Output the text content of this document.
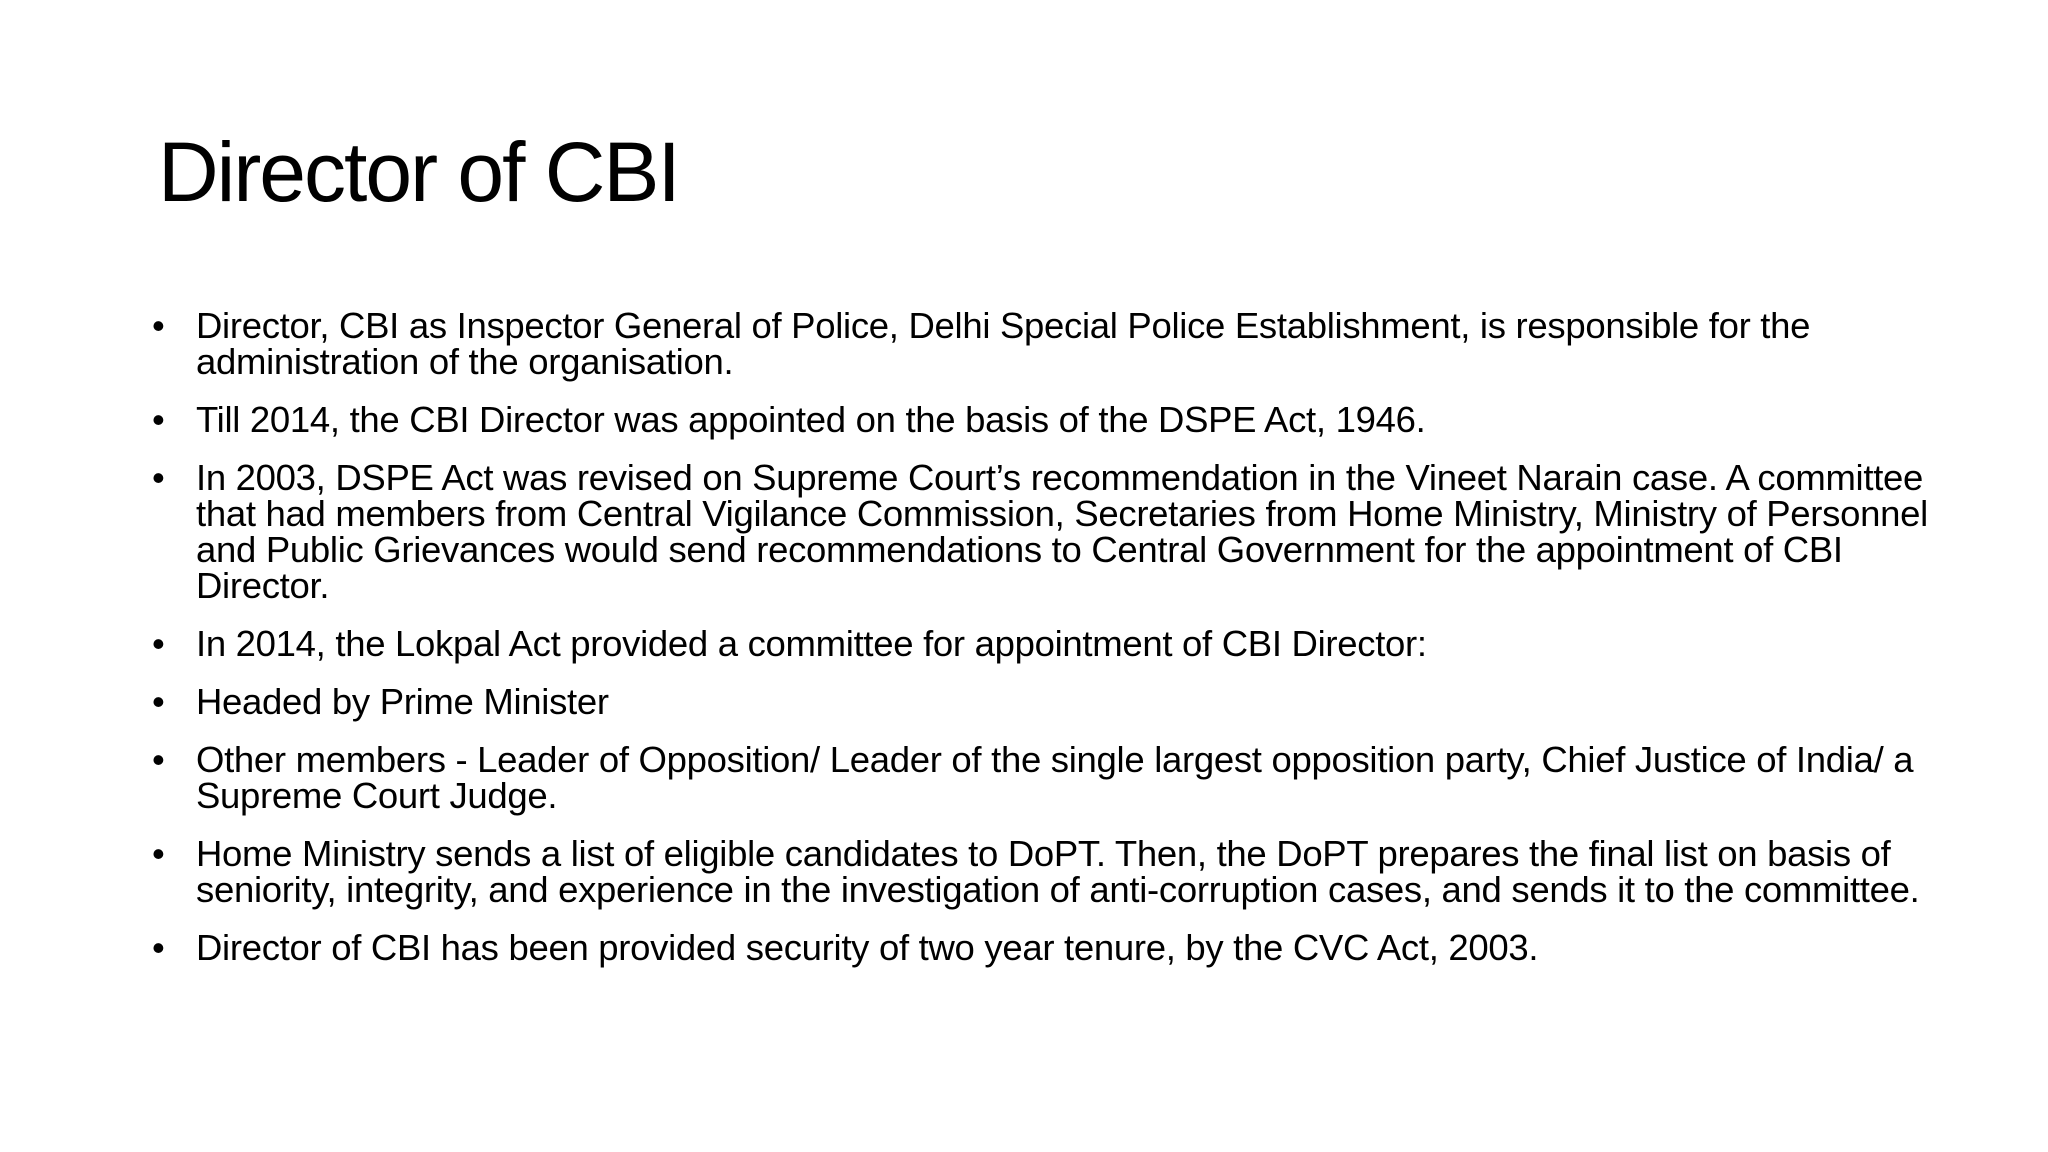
Director of CBI
• Director, CBI as Inspector General of Police, Delhi Special Police Establishment, is responsible for the administration of the organisation.
• Till 2014, the CBI Director was appointed on the basis of the DSPE Act, 1946.
• In 2003, DSPE Act was revised on Supreme Court’s recommendation in the Vineet Narain case. A committee that had members from Central Vigilance Commission, Secretaries from Home Ministry, Ministry of Personnel and Public Grievances would send recommendations to Central Government for the appointment of CBI Director.
• In 2014, the Lokpal Act provided a committee for appointment of CBI Director:
• Headed by Prime Minister
• Other members - Leader of Opposition/ Leader of the single largest opposition party, Chief Justice of India/ a Supreme Court Judge.
• Home Ministry sends a list of eligible candidates to DoPT. Then, the DoPT prepares the final list on basis of seniority, integrity, and experience in the investigation of anti-corruption cases, and sends it to the committee.
• Director of CBI has been provided security of two year tenure, by the CVC Act, 2003.
